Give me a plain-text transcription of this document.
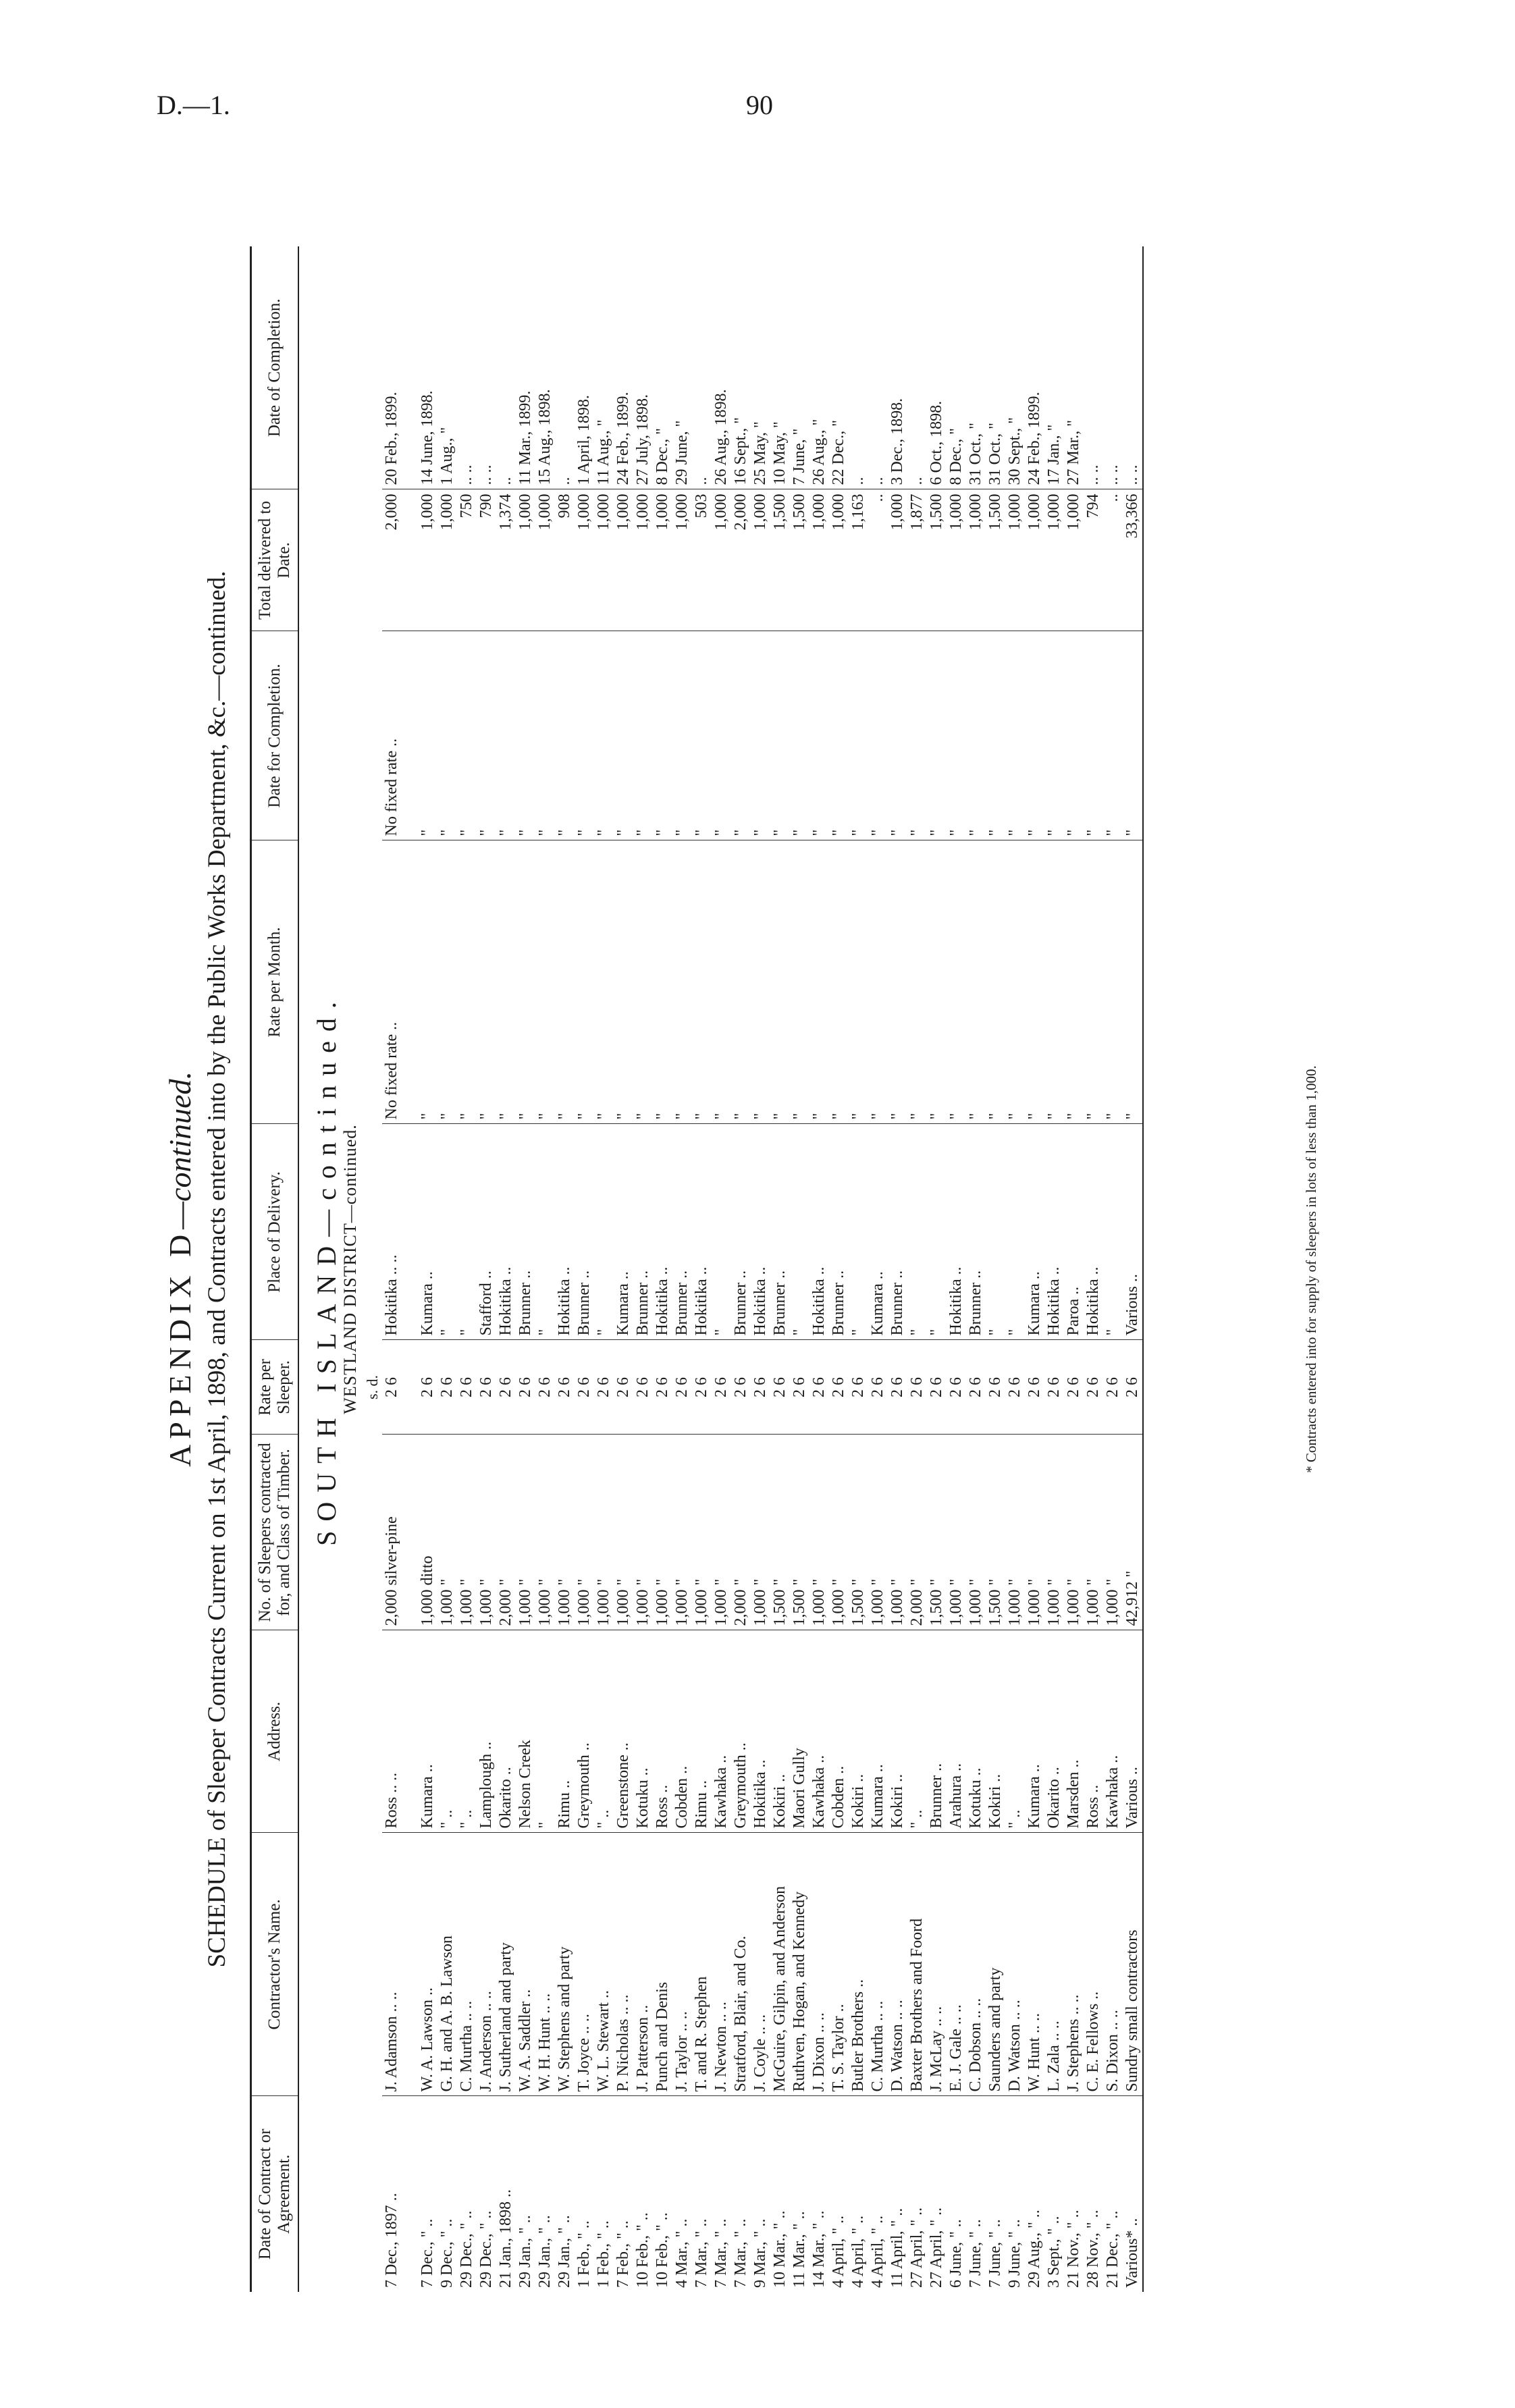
D.—1.	90
APPENDIX D—continued. SCHEDULE of Sleeper Contracts Current on 1st April, 1898, and Contracts entered into by the Public Works Department, &c.—continued.
Date of Contract or Agreement.	Contractor's Name.	Address.	No. of Sleepers contracted for, and Class of Timber.	Rate per Sleeper.	Place of Delivery.	Rate per Month.	Date for Completion.	Total delivered to Date.	Date of Completion.
SOUTH ISLAND—continued.									
WESTLAND DISTRICT—continued.									
				s. d.					
7 Dec., 1897 ..	J. Adamson .. ..	Ross .. ..	2,000 silver-pine	2 6	Hokitika .. ..	No fixed rate ..	No fixed rate ..	2,000	20 Feb., 1899.

7 Dec., " ..	W. A. Lawson ..	Kumara ..	1,000 ditto	2 6	Kumara ..	"	"	1,000	14 June, 1898.
9 Dec., " ..	G. H. and A. B. Lawson	" ..	1,000 "	2 6	"	"	"	1,000	1 Aug., "
29 Dec., " ..	C. Murtha .. ..	" ..	1,000 "	2 6	"	"	"	750	.. ..
29 Dec., " ..	J. Anderson .. ..	Lamplough ..	1,000 "	2 6	Stafford ..	"	"	790	.. ..
21 Jan., 1898 ..	J. Sutherland and party	Okarito ..	2,000 "	2 6	Hokitika ..	"	"	1,374	..
29 Jan., " ..	W. A. Saddler ..	Nelson Creek	1,000 "	2 6	Brunner ..	"	"	1,000	11 Mar., 1899.
29 Jan., " ..	W. H. Hunt .. ..	"	1,000 "	2 6	"	"	"	1,000	15 Aug., 1898.
29 Jan., " ..	W. Stephens and party	Rimu ..	1,000 "	2 6	Hokitika ..	"	"	908	..
1 Feb., " ..	T. Joyce .. ..	Greymouth ..	1,000 "	2 6	Brunner ..	"	"	1,000	1 April, 1898.
1 Feb., " ..	W. L. Stewart ..	" ..	1,000 "	2 6	"	"	"	1,000	11 Aug., "
7 Feb., " ..	P. Nicholas .. ..	Greenstone ..	1,000 "	2 6	Kumara ..	"	"	1,000	24 Feb., 1899.
10 Feb., " ..	J. Patterson ..	Kotuku ..	1,000 "	2 6	Brunner ..	"	"	1,000	27 July, 1898.
10 Feb., " ..	Punch and Denis	Ross ..	1,000 "	2 6	Hokitika ..	"	"	1,000	8 Dec., "
4 Mar., " ..	J. Taylor .. ..	Cobden ..	1,000 "	2 6	Brunner ..	"	"	1,000	29 June, "
7 Mar., " ..	T. and R. Stephen	Rimu ..	1,000 "	2 6	Hokitika ..	"	"	503	..
7 Mar., " ..	J. Newton .. ..	Kawhaka ..	1,000 "	2 6	"	"	"	1,000	26 Aug., 1898.
7 Mar., " ..	Stratford, Blair, and Co.	Greymouth ..	2,000 "	2 6	Brunner ..	"	"	2,000	16 Sept., "
9 Mar., " ..	J. Coyle .. ..	Hokitika ..	1,000 "	2 6	Hokitika ..	"	"	1,000	25 May, "
10 Mar., " ..	McGuire, Gilpin, and Anderson	Kokiri ..	1,500 "	2 6	Brunner ..	"	"	1,500	10 May, "
11 Mar., " ..	Ruthven, Hogan, and Kennedy	Maori Gully	1,500 "	2 6	"	"	"	1,500	7 June, "
14 Mar., " ..	J. Dixon .. ..	Kawhaka ..	1,000 "	2 6	Hokitika ..	"	"	1,000	26 Aug., "
4 April, " ..	T. S. Taylor ..	Cobden ..	1,000 "	2 6	Brunner ..	"	"	1,000	22 Dec., "
4 April, " ..	Butler Brothers ..	Kokiri ..	1,500 "	2 6	"	"	"	1,163	..
4 April, " ..	C. Murtha .. ..	Kumara ..	1,000 "	2 6	Kumara ..	"	"	..	..
11 April, " ..	D. Watson .. ..	Kokiri ..	1,000 "	2 6	Brunner ..	"	"	1,000	3 Dec., 1898.
27 April, " ..	Baxter Brothers and Foord	" ..	2,000 "	2 6	"	"	"	1,877	..
27 April, " ..	J. McLay .. ..	Brunner ..	1,500 "	2 6	"	"	"	1,500	6 Oct., 1898.
6 June, " ..	E. J. Gale .. ..	Arahura ..	1,000 "	2 6	Hokitika ..	"	"	1,000	8 Dec., "
7 June, " ..	C. Dobson .. ..	Kotuku ..	1,000 "	2 6	Brunner ..	"	"	1,000	31 Oct., "
7 June, " ..	Saunders and party	Kokiri ..	1,500 "	2 6	"	"	"	1,500	31 Oct., "
9 June, " ..	D. Watson .. ..	" ..	1,000 "	2 6	"	"	"	1,000	30 Sept., "
29 Aug., " ..	W. Hunt .. ..	Kumara ..	1,000 "	2 6	Kumara ..	"	"	1,000	24 Feb., 1899.
3 Sept., " ..	L. Zala .. ..	Okarito ..	1,000 "	2 6	Hokitika ..	"	"	1,000	17 Jan., "
21 Nov., " ..	J. Stephens .. ..	Marsden ..	1,000 "	2 6	Paroa ..	"	"	1,000	27 Mar., "
28 Nov., " ..	C. E. Fellows ..	Ross ..	1,000 "	2 6	Hokitika ..	"	"	794	.. ..
21 Dec., " ..	S. Dixon .. ..	Kawhaka ..	1,000 "	2 6	"	"	"	..	.. ..
Various* ..	Sundry small contractors	Various ..	42,912 "	2 6	Various ..	"	"	33,366	.. ..
* Contracts entered into for supply of sleepers in lots of less than 1,000.
